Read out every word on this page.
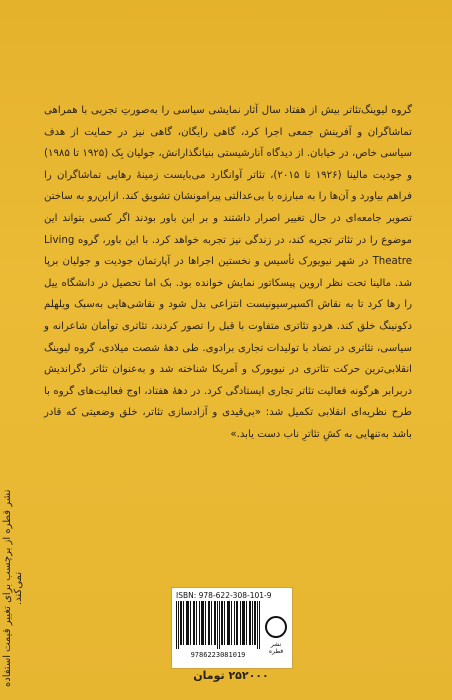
گروه لیوینگ‌تئاتر بیش از هفتاد سال آثار نمایشی سیاسی را به‌صورتِ تجربی با همراهی تماشاگران و آفرینش جمعی اجرا کرد، گاهی رایگان، گاهی نیز در حمایت از هدف سیاسی خاص، در خیابان. از دیدگاه آنارشیستی بنیانگذارانش، جولیان بِک (۱۹۲۵ تا ۱۹۸۵) و جودیت مالینا (۱۹۲۶ تا ۲۰۱۵)، تئاتر آوانگارد می‌بایست زمینهٔ رهایی تماشاگران را فراهم بیاورد و آن‌ها را به مبارزه با بی‌عدالتی پیرامونشان تشویق کند. ازاین‌رو به ساختن تصویر جامعه‌ای در حال تغییر اصرار داشتند و بر این باور بودند اگر کسی بتواند این موضوع را در تئاتر تجربه کند، در زندگی نیز تجربه خواهد کرد. با این باور، گروه Living Theatre در شهر نیویورک تأسیس و نخستین اجراها در آپارتمان جودیت و جولیان برپا شد. مالینا تحت نظر اروین پیسکاتور نمایش خوانده بود. بک اما تحصیل در دانشگاه ییل را رها کرد تا به نقاش اکسپرسیونیست انتزاعی بدل شود و نقاشی‌هایی به‌سبک ویلهلم دکونینگ خلق کند. هردو تئاتری متفاوت با قبل را تصور کردند، تئاتری توأمان شاعرانه و سیاسی، تئاتری در تضاد با تولیدات تجاری برادوی. طی دههٔ شصت میلادی، گروه لیوینگ انقلابی‌ترین حرکت تئاتری در نیویورک و آمریکا شناخته شد و به‌عنوان تئاتر دگراندیش دربرابر هرگونه فعالیت تئاتر تجاری ایستادگی کرد. در دههٔ هفتاد، اوج فعالیت‌های گروه با طرح نظریه‌ای انقلابی تکمیل شد: «بی‌قیدی و آزادسازی تئاتر، خلق وضعیتی که قادر باشد به‌تنهایی به کشِ تئاترِ ناب دست یابد.»

نشر قطره از برچسب برای تغییر قیمت استفاده نمی‌کند.	ISBN: 978-622-308-101-9
9786223081019
نشر قطره
۲۵۲۰۰۰ تومان
